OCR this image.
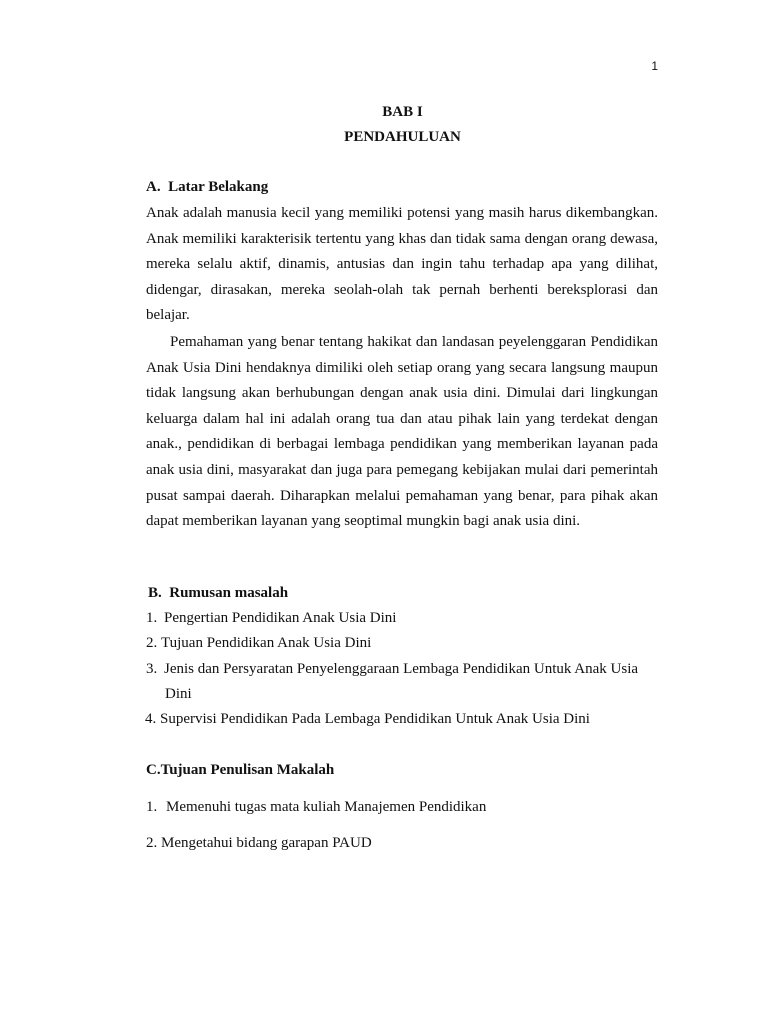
1
BAB I
PENDAHULUAN
A.  Latar Belakang
Anak adalah manusia kecil yang memiliki potensi yang masih harus dikembangkan. Anak memiliki karakterisik tertentu yang khas dan tidak sama dengan orang dewasa, mereka selalu aktif, dinamis, antusias dan ingin tahu terhadap apa yang dilihat, didengar, dirasakan, mereka seolah-olah tak pernah berhenti bereksplorasi dan belajar.
Pemahaman yang benar tentang hakikat dan landasan peyelenggaran Pendidikan Anak Usia Dini hendaknya dimiliki oleh setiap orang yang secara langsung maupun tidak langsung akan berhubungan dengan anak usia dini. Dimulai dari lingkungan keluarga dalam hal ini adalah orang tua dan atau pihak lain yang terdekat dengan anak., pendidikan di berbagai lembaga pendidikan yang memberikan layanan pada anak usia dini, masyarakat dan juga para pemegang kebijakan mulai dari pemerintah pusat sampai daerah. Diharapkan melalui pemahaman yang benar, para pihak akan dapat memberikan layanan yang seoptimal mungkin bagi anak usia dini.
B.  Rumusan masalah
1. Pengertian Pendidikan Anak Usia Dini
2. Tujuan Pendidikan Anak Usia Dini
3. Jenis dan Persyaratan Penyelenggaraan Lembaga Pendidikan Untuk Anak Usia
Dini
4. Supervisi Pendidikan Pada Lembaga Pendidikan Untuk Anak Usia Dini
C.Tujuan Penulisan Makalah
1. Memenuhi tugas mata kuliah Manajemen Pendidikan
2. Mengetahui bidang garapan PAUD
